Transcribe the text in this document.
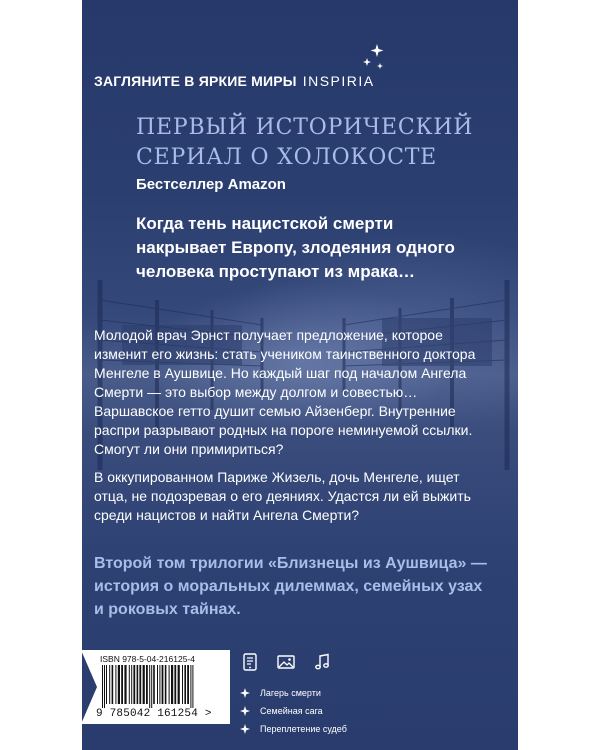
ЗАГЛЯНИТЕ В ЯРКИЕ МИРЫ INSPIRIA
ПЕРВЫЙ ИСТОРИЧЕСКИЙ
СЕРИАЛ О ХОЛОКОСТЕ
Бестселлер Amazon
Когда тень нацистской смерти
накрывает Европу, злодеяния одного
человека проступают из мрака…
Молодой врач Эрнст получает предложение, которое
изменит его жизнь: стать учеником таинственного доктора
Менгеле в Аушвице. Но каждый шаг под началом Ангела
Смерти — это выбор между долгом и совестью…
Варшавское гетто душит семью Айзенберг. Внутренние
распри разрывают родных на пороге неминуемой ссылки.
Смогут ли они примириться?
В оккупированном Париже Жизель, дочь Менгеле, ищет
отца, не подозревая о его деяниях. Удастся ли ей выжить
среди нацистов и найти Ангела Смерти?
Второй том трилогии «Близнецы из Аушвица» —
история о моральных дилеммах, семейных узах
и роковых тайнах.
ISBN 978-5-04-216125-4
9 785042 161254 >
Лагерь смерти
Семейная сага
Переплетение судеб
